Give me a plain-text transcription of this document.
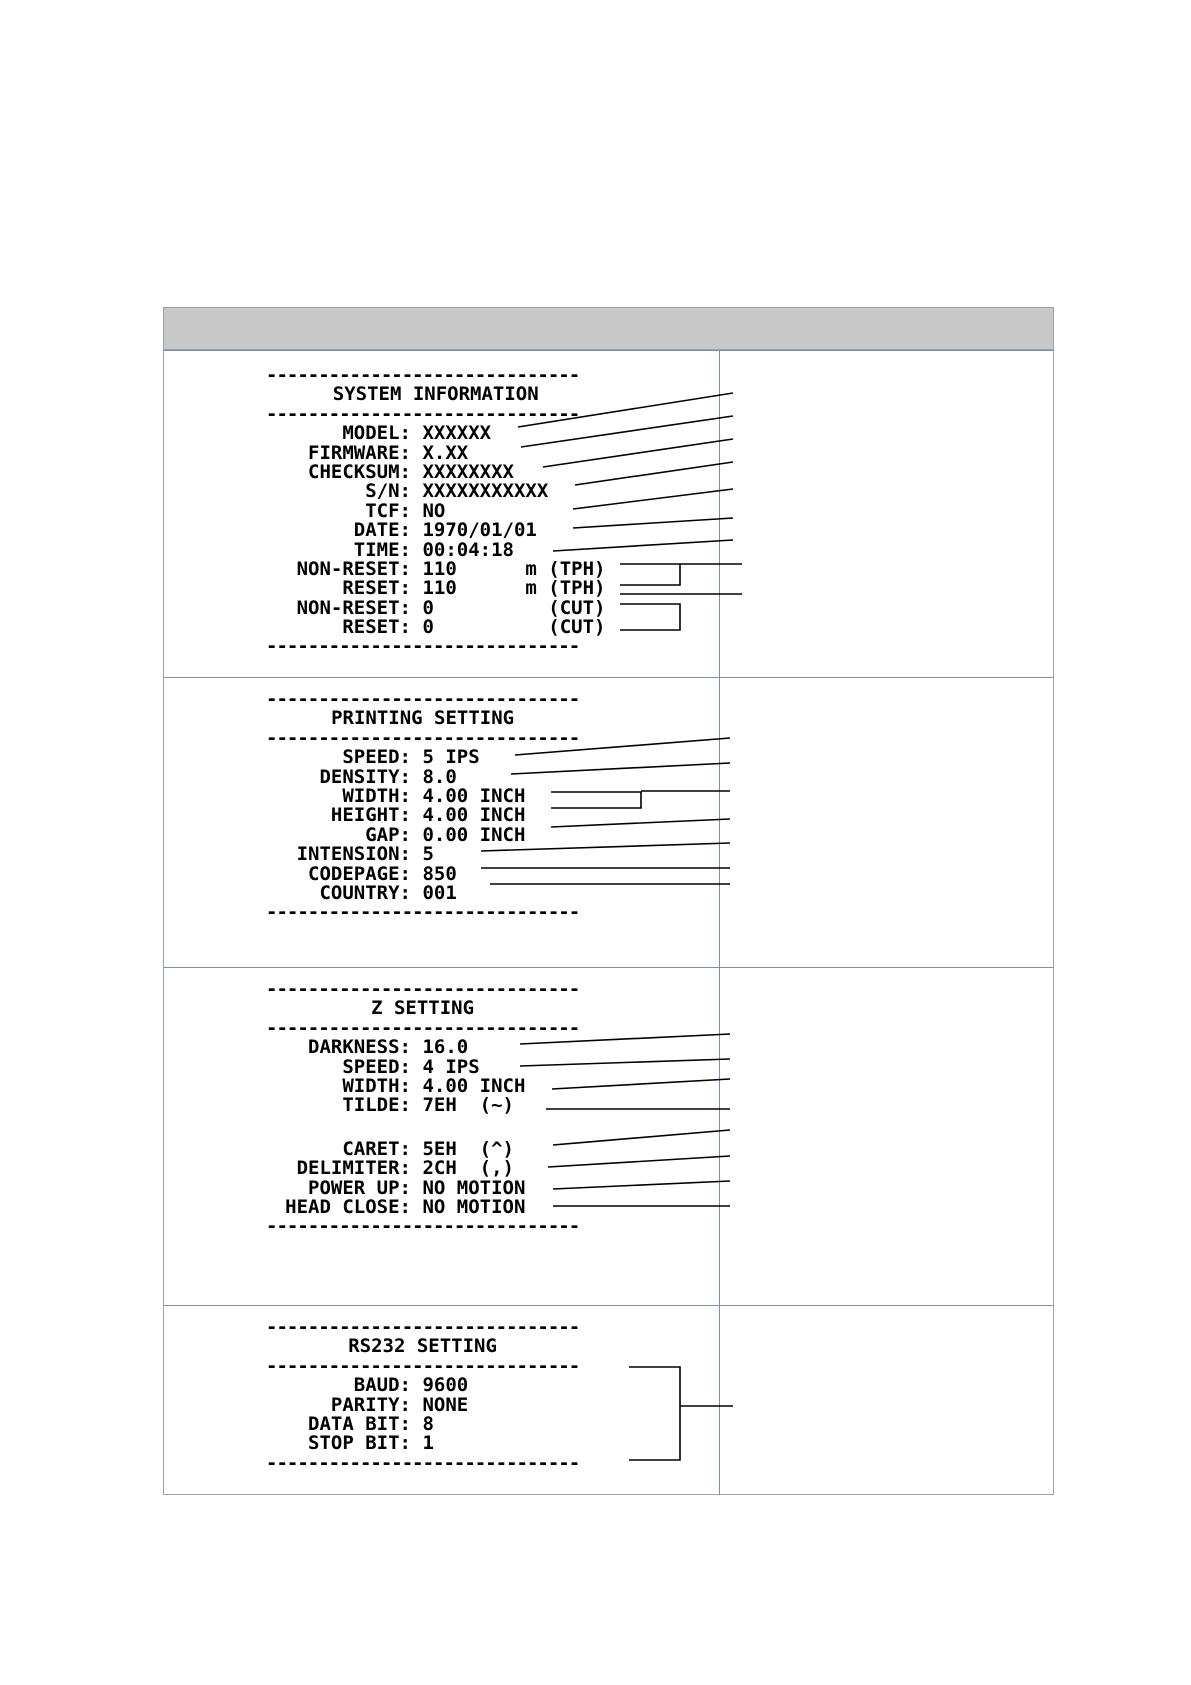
------------------------------
SYSTEM INFORMATION
------------------------------
MODEL: XXXXXX
FIRMWARE: X.XX
CHECKSUM: XXXXXXXX
S/N: XXXXXXXXXXX
TCF: NO
DATE: 1970/01/01
TIME: 00:04:18
NON-RESET: 110      m (TPH)
RESET: 110      m (TPH)
NON-RESET: 0          (CUT)
RESET: 0          (CUT)
------------------------------
------------------------------
PRINTING SETTING
------------------------------
SPEED: 5 IPS
DENSITY: 8.0
WIDTH: 4.00 INCH
HEIGHT: 4.00 INCH
GAP: 0.00 INCH
INTENSION: 5
CODEPAGE: 850
COUNTRY: 001
------------------------------
------------------------------
Z SETTING
------------------------------
DARKNESS: 16.0
SPEED: 4 IPS
WIDTH: 4.00 INCH
TILDE: 7EH  (~)
CARET: 5EH  (^)
DELIMITER: 2CH  (,)
POWER UP: NO MOTION
HEAD CLOSE: NO MOTION
------------------------------
------------------------------
RS232 SETTING
------------------------------
BAUD: 9600
PARITY: NONE
DATA BIT: 8
STOP BIT: 1
------------------------------
